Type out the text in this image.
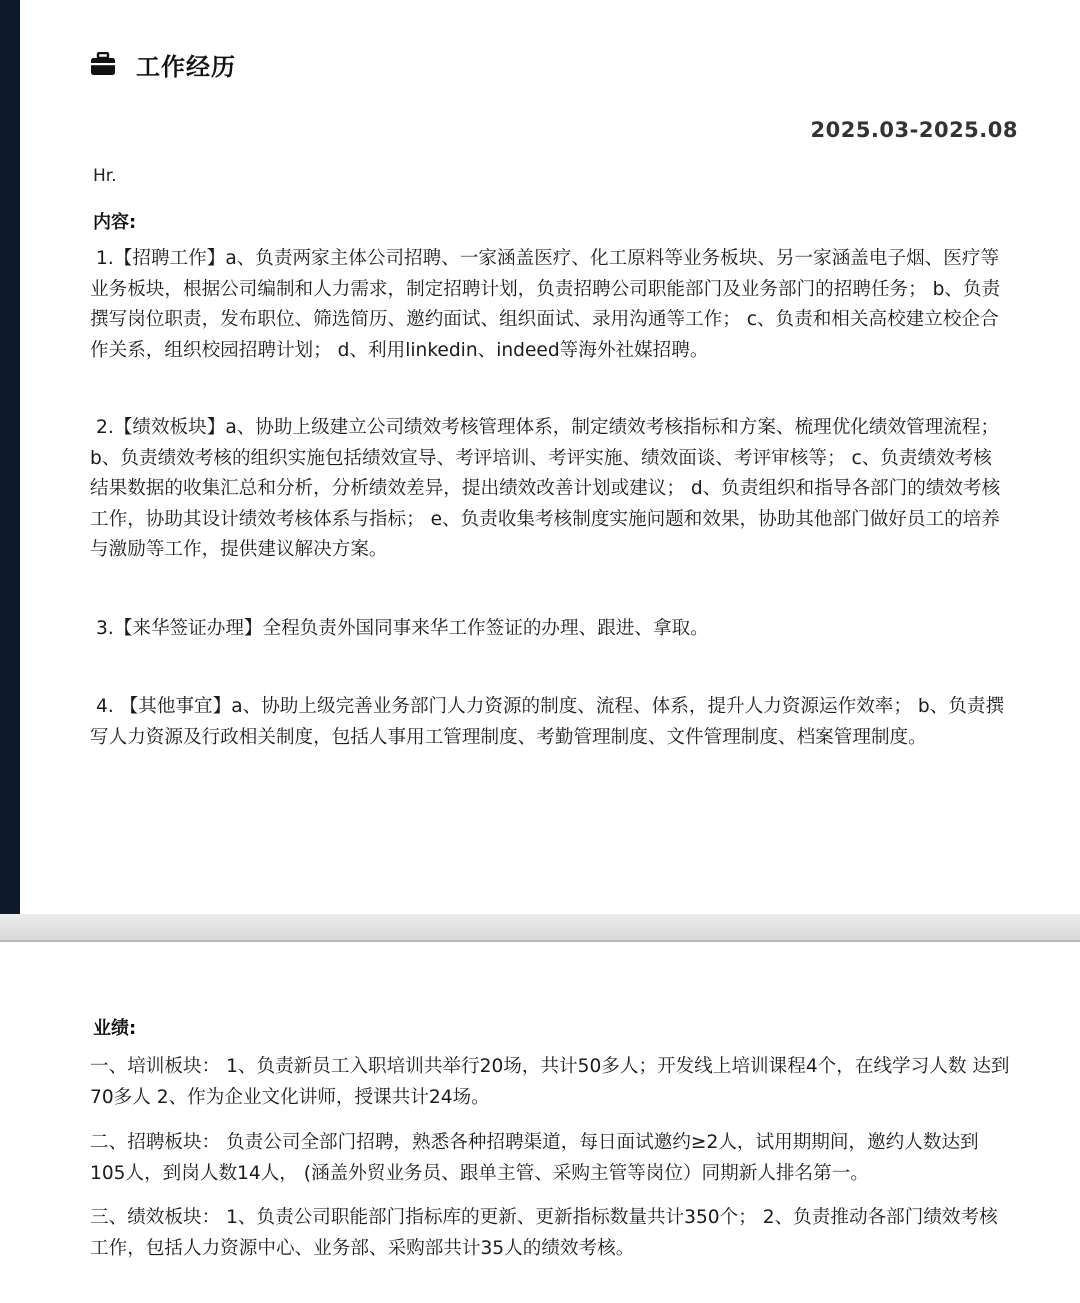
工作经历
2025.03-2025.08
Hr.
内容:

1.【招聘工作】a、负责两家主体公司招聘、一家涵盖医疗、化工原料等业务板块、另一家涵盖电子烟、医疗等业务板块，根据公司编制和人力需求，制定招聘计划，负责招聘公司职能部门及业务部门的招聘任务； b、负责撰写岗位职责，发布职位、筛选简历、邀约面试、组织面试、录用沟通等工作； c、负责和相关高校建立校企合作关系，组织校园招聘计划； d、利用linkedin、indeed等海外社媒招聘。

2.【绩效板块】a、协助上级建立公司绩效考核管理体系，制定绩效考核指标和方案、梳理优化绩效管理流程； b、负责绩效考核的组织实施包括绩效宣导、考评培训、考评实施、绩效面谈、考评审核等； c、负责绩效考核结果数据的收集汇总和分析，分析绩效差异，提出绩效改善计划或建议； d、负责组织和指导各部门的绩效考核工作，协助其设计绩效考核体系与指标； e、负责收集考核制度实施问题和效果，协助其他部门做好员工的培养与激励等工作，提供建议解决方案。

3.【来华签证办理】全程负责外国同事来华工作签证的办理、跟进、拿取。

4. 【其他事宜】a、协助上级完善业务部门人力资源的制度、流程、体系，提升人力资源运作效率； b、负责撰写人力资源及行政相关制度，包括人事用工管理制度、考勤管理制度、文件管理制度、档案管理制度。

业绩:

一、培训板块： 1、负责新员工入职培训共举行20场，共计50多人；开发线上培训课程4个，在线学习人数 达到70多人 2、作为企业文化讲师，授课共计24场。

二、招聘板块： 负责公司全部门招聘，熟悉各种招聘渠道，每日面试邀约≥2人，试用期期间，邀约人数达到105人，到岗人数14人， (涵盖外贸业务员、跟单主管、采购主管等岗位）同期新人排名第一。

三、绩效板块： 1、负责公司职能部门指标库的更新、更新指标数量共计350个； 2、负责推动各部门绩效考核工作，包括人力资源中心、业务部、采购部共计35人的绩效考核。
